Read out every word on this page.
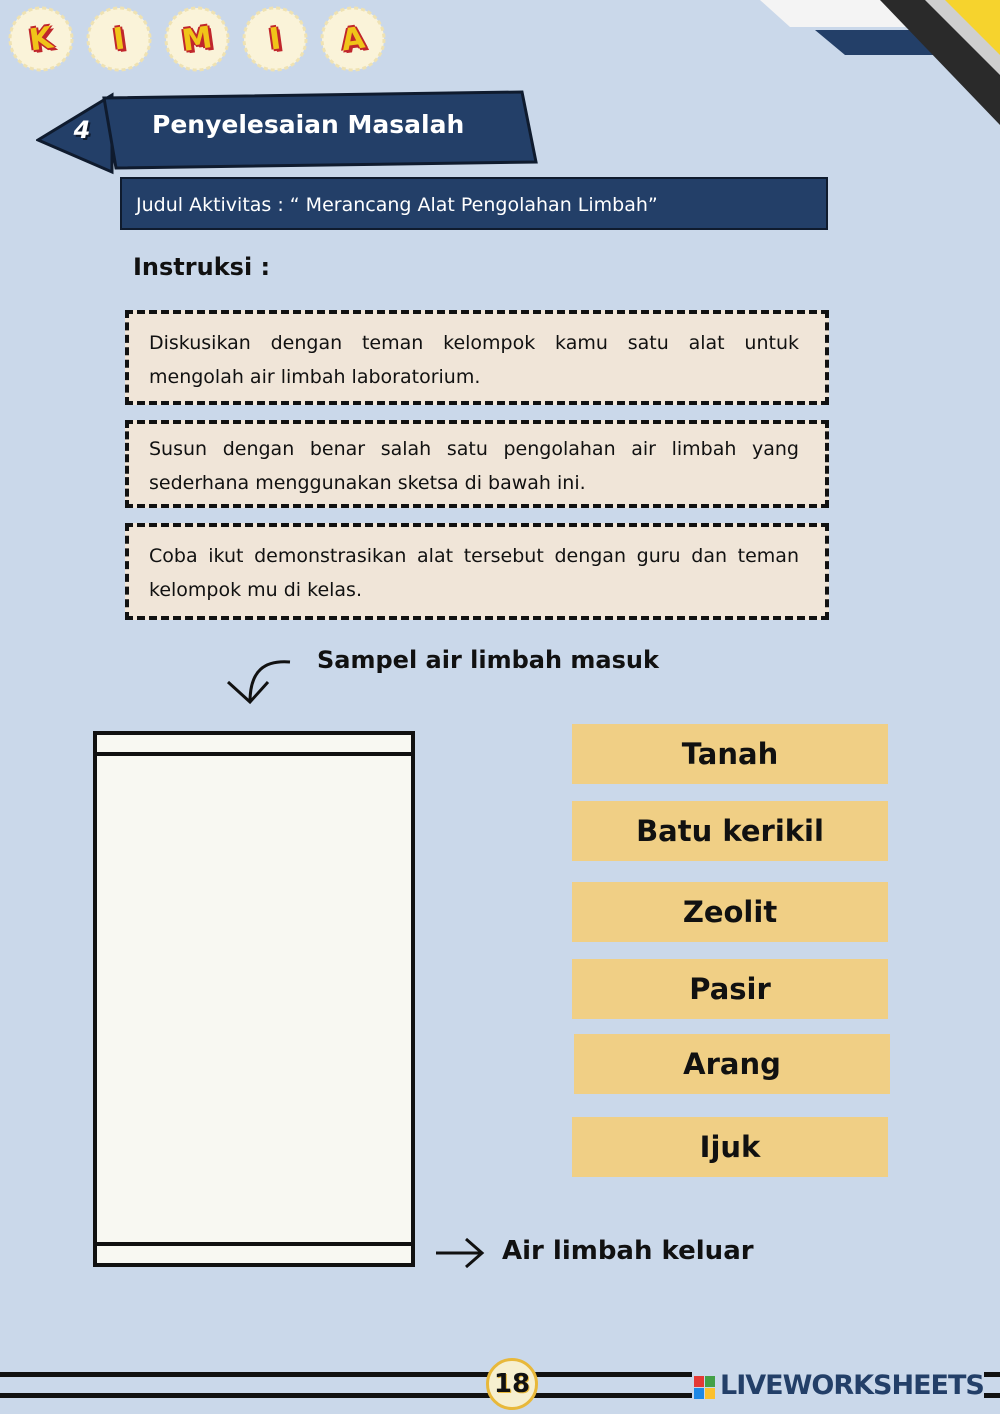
K	I	M	I	A
4 Penyelesaian Masalah
Judul Aktivitas : “ Merancang Alat Pengolahan Limbah”
Instruksi :
Diskusikan dengan teman kelompok kamu satu alat untuk mengolah air limbah laboratorium.
Susun dengan benar salah satu pengolahan air limbah yang sederhana menggunakan sketsa di bawah ini.
Coba ikut demonstrasikan alat tersebut dengan guru dan teman kelompok mu di kelas.
Sampel air limbah masuk
Air limbah keluar
Tanah
Batu kerikil
Zeolit
Pasir
Arang
Ijuk
18	LIVEWORKSHEETS
